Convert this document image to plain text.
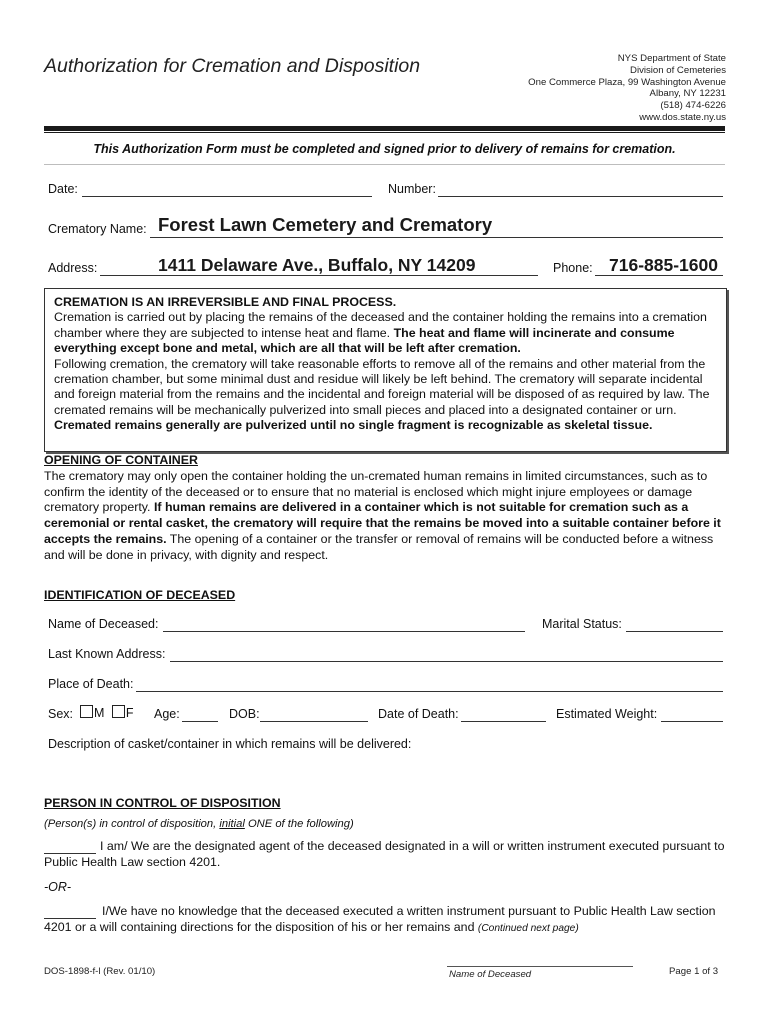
Authorization for Cremation and Disposition	NYS Department of State
Division of Cemeteries
One Commerce Plaza, 99 Washington Avenue
Albany, NY 12231
(518) 474-6226
www.dos.state.ny.us
This Authorization Form must be completed and signed prior to delivery of remains for cremation.
Date:	Number:
Crematory Name: Forest Lawn Cemetery and Crematory
Address:	1411 Delaware Ave., Buffalo, NY 14209	Phone: 716-885-1600

CREMATION IS AN IRREVERSIBLE AND FINAL PROCESS.

Cremation is carried out by placing the remains of the deceased and the container holding the remains into a cremation chamber where they are subjected to intense heat and flame. The heat and flame will incinerate and consume everything except bone and metal, which are all that will be left after cremation.

Following cremation, the crematory will take reasonable efforts to remove all of the remains and other material from the cremation chamber, but some minimal dust and residue will likely be left behind. The crematory will separate incidental and foreign material from the remains and the incidental and foreign material will be disposed of as required by law. The cremated remains will be mechanically pulverized into small pieces and placed into a designated container or urn. Cremated remains generally are pulverized until no single fragment is recognizable as skeletal tissue.

OPENING OF CONTAINER

The crematory may only open the container holding the un-cremated human remains in limited circumstances, such as to confirm the identity of the deceased or to ensure that no material is enclosed which might injure employees or damage crematory property. If human remains are delivered in a container which is not suitable for cremation such as a ceremonial or rental casket, the crematory will require that the remains be moved into a suitable container before it accepts the remains. The opening of a container or the transfer or removal of remains will be conducted before a witness and will be done in privacy, with dignity and respect.

IDENTIFICATION OF DECEASED
Name of Deceased:	Marital Status:
Last Known Address:
Place of Death:
Sex:	M F Age:	DOB:	Date of Death:	Estimated Weight:
Description of casket/container in which remains will be delivered:
PERSON IN CONTROL OF DISPOSITION
(Person(s) in control of disposition, initial ONE of the following)
I am/ We are the designated agent of the deceased designated in a will or written instrument executed pursuant to Public Health Law section 4201.
-OR-
I/We have no knowledge that the deceased executed a written instrument pursuant to Public Health Law section 4201 or a will containing directions for the disposition of his or her remains and (Continued next page)
DOS-1898-f-l (Rev. 01/10)	Name of Deceased	Page 1 of 3
